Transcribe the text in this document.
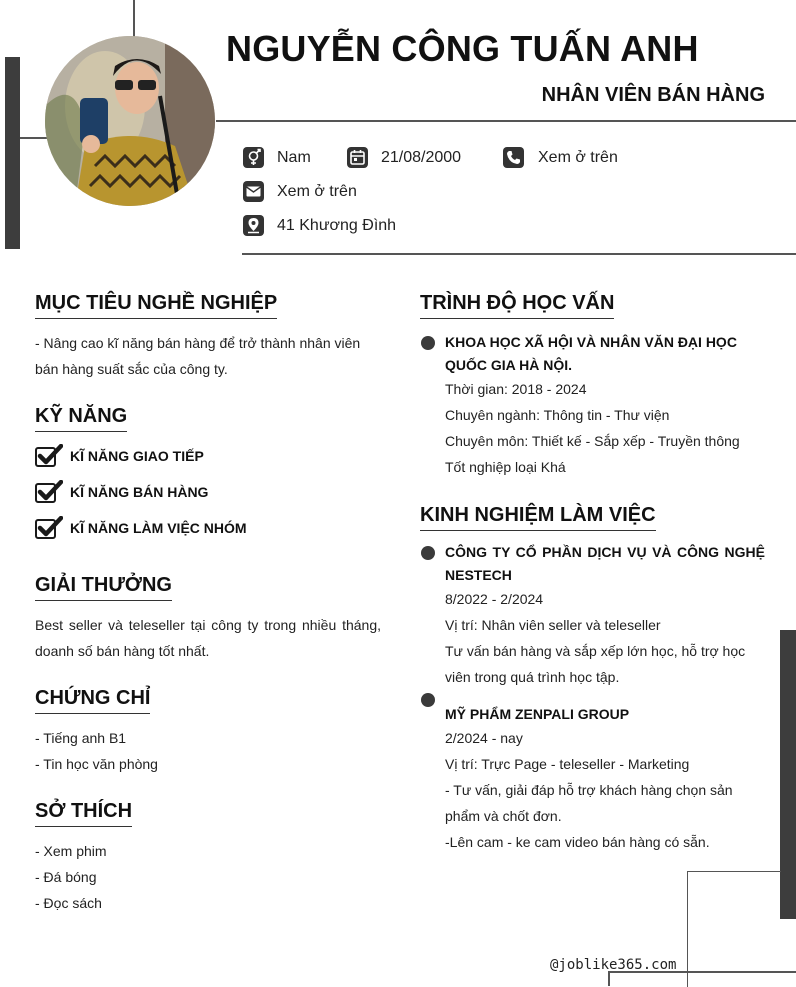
NGUYỄN CÔNG TUẤN ANH
NHÂN VIÊN BÁN HÀNG
Nam	21/08/2000	Xem ở trên
Xem ở trên
41 Khương Đình
MỤC TIÊU NGHỀ NGHIỆP
- Nâng cao kĩ năng bán hàng để trở thành nhân viên bán hàng suất sắc của công ty.
KỸ NĂNG
KĨ NĂNG GIAO TIẾP
KĨ NĂNG BÁN HÀNG
KĨ NĂNG LÀM VIỆC NHÓM
GIẢI THƯỞNG
Best seller và teleseller tại công ty trong nhiều tháng, doanh số bán hàng tốt nhất.
CHỨNG CHỈ
- Tiếng anh B1
- Tin học văn phòng
SỞ THÍCH
- Xem phim
- Đá bóng
- Đọc sách
TRÌNH ĐỘ HỌC VẤN
KHOA HỌC XÃ HỘI VÀ NHÂN VĂN ĐẠI HỌC QUỐC GIA HÀ NỘI.
Thời gian: 2018 - 2024
Chuyên ngành: Thông tin - Thư viện
Chuyên môn: Thiết kế - Sắp xếp - Truyền thông
Tốt nghiệp loại Khá
KINH NGHIỆM LÀM VIỆC
CÔNG TY CỔ PHẦN DỊCH VỤ VÀ CÔNG NGHỆ NESTECH
8/2022 - 2/2024
Vị trí: Nhân viên seller và teleseller
Tư vấn bán hàng và sắp xếp lớn học, hỗ trợ học viên trong quá trình học tập.
MỸ PHẨM ZENPALI GROUP
2/2024 - nay
Vị trí: Trực Page - teleseller - Marketing
- Tư vấn, giải đáp hỗ trợ khách hàng chọn sản phẩm và chốt đơn.
-Lên cam - ke cam video bán hàng có sẵn.
@joblike365.com
